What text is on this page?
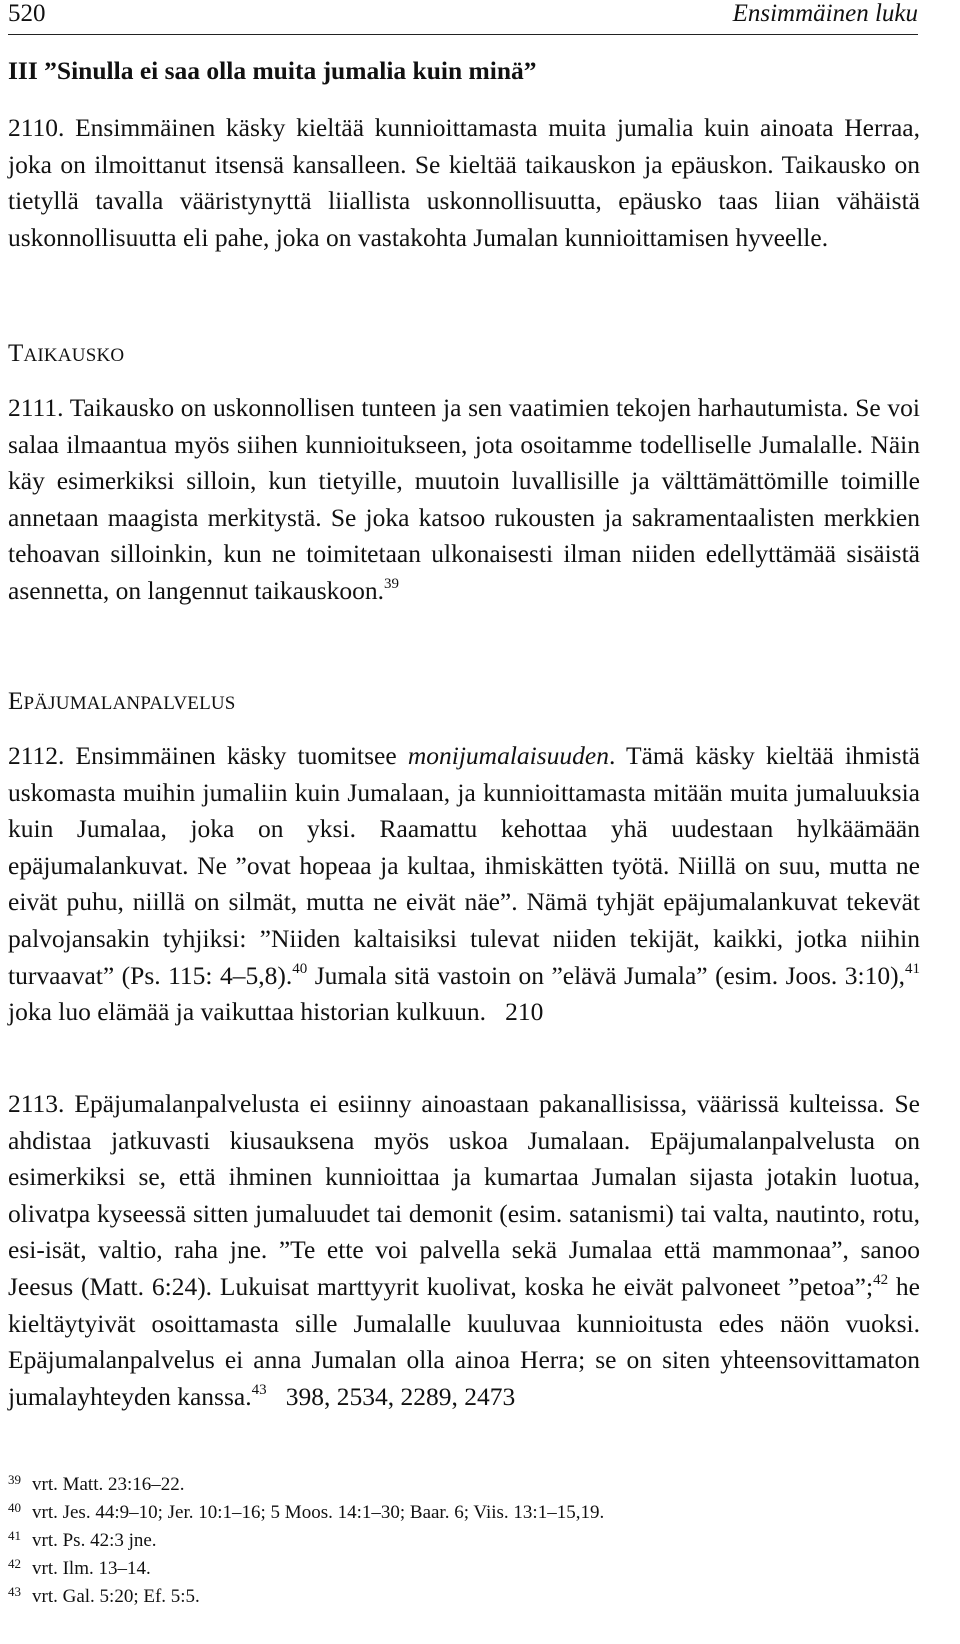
520	Ensimmäinen luku
III ”Sinulla ei saa olla muita jumalia kuin minä”
2110. Ensimmäinen käsky kieltää kunnioittamasta muita jumalia kuin ainoata Herraa, joka on ilmoittanut itsensä kansalleen. Se kieltää taikauskon ja epäuskon. Taikausko on tietyllä tavalla vääristynyttä liiallista uskonnollisuutta, epäusko taas liian vähäistä uskonnollisuutta eli pahe, joka on vastakohta Jumalan kunnioittamisen hyveelle.
TAIKAUSKO
2111. Taikausko on uskonnollisen tunteen ja sen vaatimien tekojen harhautumista. Se voi salaa ilmaantua myös siihen kunnioitukseen, jota osoitamme todelliselle Jumalalle. Näin käy esimerkiksi silloin, kun tietyille, muutoin luvallisille ja välttämättömille toimille annetaan maagista merkitystä. Se joka katsoo rukousten ja sakramentaalisten merkkien tehoavan silloinkin, kun ne toimitetaan ulkonaisesti ilman niiden edellyttämää sisäistä asennetta, on langennut taikauskoon.$^{39}$
EPÄJUMALANPALVELUS
2112. Ensimmäinen käsky tuomitsee monijumalaisuuden. Tämä käsky kieltää ihmistä uskomasta muihin jumaliin kuin Jumalaan, ja kunnioittamasta mitään muita jumaluuksia kuin Jumalaa, joka on yksi. Raamattu kehottaa yhä uudestaan hylkäämään epäjumalankuvat. Ne ”ovat hopeaa ja kultaa, ihmiskätten työtä. Niillä on suu, mutta ne eivät puhu, niillä on silmät, mutta ne eivät näe”. Nämä tyhjät epäjumalankuvat tekevät palvojansakin tyhjiksi: ”Niiden kaltaisiksi tulevat niiden tekijät, kaikki, jotka niihin turvaavat” (Ps. 115: 4–5,8).$^{40}$ Jumala sitä vastoin on ”elävä Jumala” (esim. Joos. 3:10),$^{41}$ joka luo elämää ja vaikuttaa historian kulkuun. 210
2113. Epäjumalanpalvelusta ei esiinny ainoastaan pakanallisissa, väärissä kulteissa. Se ahdistaa jatkuvasti kiusauksena myös uskoa Jumalaan. Epäjumalanpalvelusta on esimerkiksi se, että ihminen kunnioittaa ja kumartaa Jumalan sijasta jotakin luotua, olivatpa kyseessä sitten jumaluudet tai demonit (esim. satanismi) tai valta, nautinto, rotu, esi-isät, valtio, raha jne. ”Te ette voi palvella sekä Jumalaa että mammonaa”, sanoo Jeesus (Matt. 6:24). Lukuisat marttyyrit kuolivat, koska he eivät palvoneet ”petoa”;$^{42}$ he kieltäytyivät osoittamasta sille Jumalalle kuuluvaa kunnioitusta edes näön vuoksi. Epäjumalanpalvelus ei anna Jumalan olla ainoa Herra; se on siten yhteensovittamaton jumalayhteyden kanssa.$^{43}$ 398, 2534, 2289, 2473
39 vrt. Matt. 23:16–22.
40 vrt. Jes. 44:9–10; Jer. 10:1–16; 5 Moos. 14:1–30; Baar. 6; Viis. 13:1–15,19.
41 vrt. Ps. 42:3 jne.
42 vrt. Ilm. 13–14.
43 vrt. Gal. 5:20; Ef. 5:5.
